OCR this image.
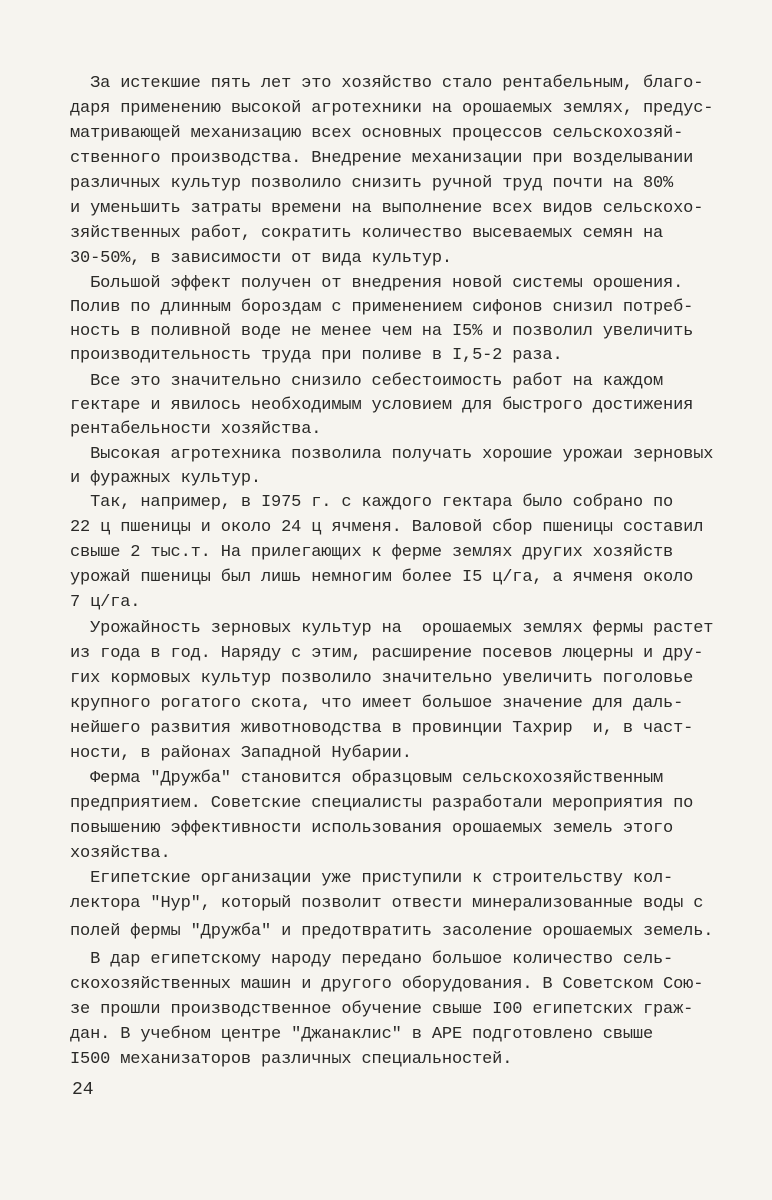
За истекшие пять лет это хозяйство стало рентабельным, благо-
даря применению высокой агротехники на орошаемых землях, предус-
матривающей механизацию всех основных процессов сельскохозяй-
ственного производства. Внедрение механизации при возделывании
различных культур позволило снизить ручной труд почти на 80%
и уменьшить затраты времени на выполнение всех видов сельскохо-
зяйственных работ, сократить количество высеваемых семян на
30-50%, в зависимости от вида культур.
Большой эффект получен от внедрения новой системы орошения.
Полив по длинным бороздам с применением сифонов снизил потреб-
ность в поливной воде не менее чем на I5% и позволил увеличить
производительность труда при поливе в I,5-2 раза.
Все это значительно снизило себестоимость работ на каждом
гектаре и явилось необходимым условием для быстрого достижения
рентабельности хозяйства.
Высокая агротехника позволила получать хорошие урожаи зерновых
и фуражных культур.
Так, например, в I975 г. с каждого гектара было собрано по
22 ц пшеницы и около 24 ц ячменя. Валовой сбор пшеницы составил
свыше 2 тыс.т. На прилегающих к ферме землях других хозяйств
урожай пшеницы был лишь немногим более I5 ц/га, а ячменя около
7 ц/га.
Урожайность зерновых культур на  орошаемых землях фермы растет
из года в год. Наряду с этим, расширение посевов люцерны и дру-
гих кормовых культур позволило значительно увеличить поголовье
крупного рогатого скота, что имеет большое значение для даль-
нейшего развития животноводства в провинции Тахрир  и, в част-
ности, в районах Западной Нубарии.
Ферма "Дружба" становится образцовым сельскохозяйственным
предприятием. Советские специалисты разработали мероприятия по
повышению эффективности использования орошаемых земель этого
хозяйства.
Египетские организации уже приступили к строительству кол-
лектора "Нур", который позволит отвести минерализованные воды с
полей фермы "Дружба" и предотвратить засоление орошаемых земель.
В дар египетскому народу передано большое количество сель-
скохозяйственных машин и другого оборудования. В Советском Сою-
зе прошли производственное обучение свыше I00 египетских граж-
дан. В учебном центре "Джанаклис" в АРЕ подготовлено свыше
I500 механизаторов различных специальностей.
24
